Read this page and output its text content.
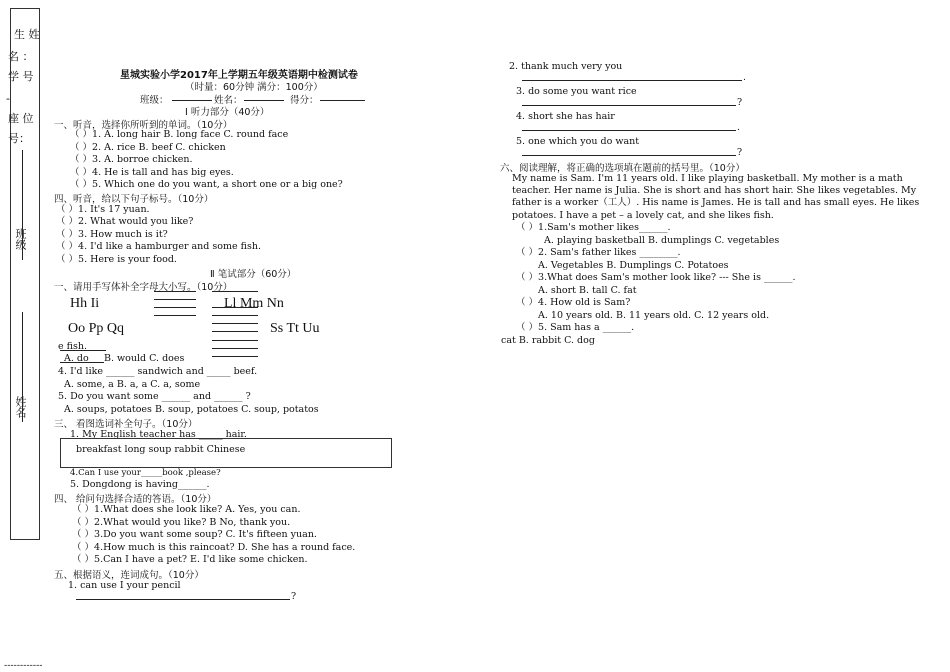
生 姓
名 ：
学 号
-
座 位
号：
班级
姓名
------------
星城实验小学2017年上学期五年级英语期中检测试卷
（时量：60分钟 满分：100分）
班级：	姓名：	得分：
Ⅰ 听力部分（40分）
一、听音，选择你所听到的单词。（10分）
（ ）1. A. long hair B. long face C. round face
（ ）2. A. rice B. beef C. chicken
（ ）3. A. borroe chicken.
（ ）4. He is tall and has big eyes.
（ ）5. Which one do you want, a short one or a big one?
四、听音，给以下句子标号。（10分）
（ ）1. It's 17 yuan.
（ ）2. What would you like?
（ ）3. How much is it?
（ ）4. I'd like a hamburger and some fish.
（ ）5. Here is your food.
Ⅱ 笔试部分（60分）
一、请用手写体补全字母大小写。（10分）
Hh Ii	Ll Mm Nn
Oo Pp Qq	Ss Tt Uu
e fish.
A. do B. would C. does
4. I'd like ______ sandwich and _____ beef.
A. some, a B. a, a C. a, some
5. Do you want some ______ and ______ ?
A. soups, potatoes B. soup, potatoes C. soup, potatos
三、 看图选词补全句子。（10分）
1. My English teacher has _____ hair.
breakfast long soup rabbit Chinese
4.Can I use your_____book ,please?
5. Dongdong is having______.
四、 给问句选择合适的答语。（10分）
（ ）1.What does she look like? A. Yes, you can.
（ ）2.What would you like? B No, thank you.
（ ）3.Do you want some soup? C. It's fifteen yuan.
（ ）4.How much is this raincoat? D. She has a round face.
（ ）5.Can I have a pet? E. I'd like some chicken.
五、根据语义，连词成句。（10分）
1. can use I your pencil
?
2. thank much very you
.
3. do some you want rice
?
4. short she has hair
.
5. one which you do want
?
六、阅读理解，将正确的选项填在题前的括号里。（10分）
My name is Sam. I'm 11 years old. I like playing basketball. My mother is a math
teacher. Her name is Julia. She is short and has short hair. She likes vegetables. My
father is a worker（工人）. His name is James. He is tall and has small eyes. He likes
potatoes. I have a pet – a lovely cat, and she likes fish.
（ ）1.Sam's mother likes______.
A. playing basketball B. dumplings C. vegetables
（ ）2. Sam's father likes ________.
A. Vegetables B. Dumplings C. Potatoes
（ ）3.What does Sam's mother look like? --- She is ______.
A. short B. tall C. fat
（ ）4. How old is Sam?
A. 10 years old. B. 11 years old. C. 12 years old.
（ ）5. Sam has a ______.
cat B. rabbit C. dog
